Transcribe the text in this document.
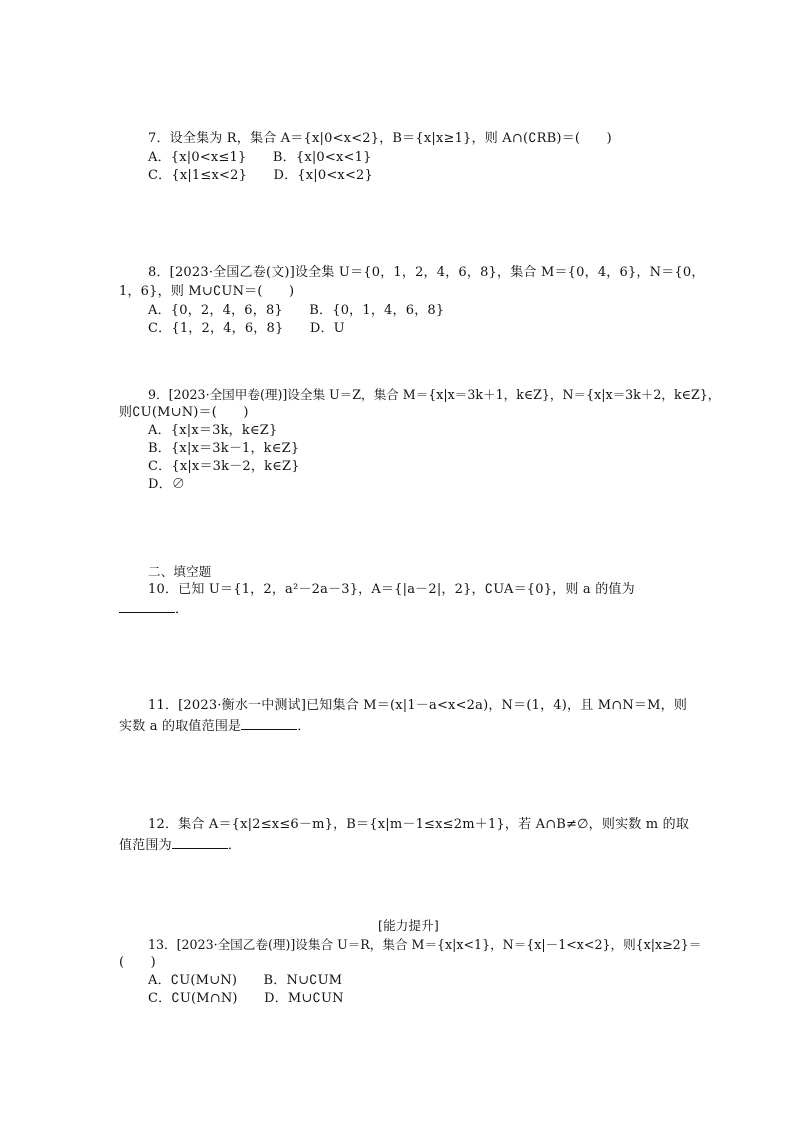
7．设全集为 R，集合 A＝{x|0<x<2}，B＝{x|x≥1}，则 A∩(∁RB)＝(　　)
A．{x|0<x≤1}　　B．{x|0<x<1}
C．{x|1≤x<2}　　D．{x|0<x<2}
8．[2023·全国乙卷(文)]设全集 U＝{0，1，2，4，6，8}，集合 M＝{0，4，6}，N＝{0，
1，6}，则 M∪∁UN＝(　　)
A．{0，2，4，6，8}　　B．{0，1，4，6，8}
C．{1，2，4，6，8}　　D．U
9．[2023·全国甲卷(理)]设全集 U＝Z，集合 M＝{x|x＝3k＋1，k∈Z}，N＝{x|x＝3k＋2，k∈Z}，
则∁U(M∪N)＝(　　)
A．{x|x＝3k，k∈Z}
B．{x|x＝3k－1，k∈Z}
C．{x|x＝3k－2，k∈Z}
D．∅
二、填空题
10．已知 U＝{1，2，a²－2a－3}，A＝{|a－2|，2}，∁UA＝{0}，则 a 的值为
．
11．[2023·衡水一中测试]已知集合 M＝(x|1－a<x<2a)，N＝(1，4)，且 M∩N＝M，则
实数 a 的取值范围是	．
12．集合 A＝{x|2≤x≤6－m}，B＝{x|m－1≤x≤2m＋1}，若 A∩B≠∅，则实数 m 的取
值范围为	．
[能力提升]
13．[2023·全国乙卷(理)]设集合 U＝R，集合 M＝{x|x<1}，N＝{x|－1<x<2}，则{x|x≥2}＝
(　　)
A．∁U(M∪N)　　B．N∪∁UM
C．∁U(M∩N)　　D．M∪∁UN
